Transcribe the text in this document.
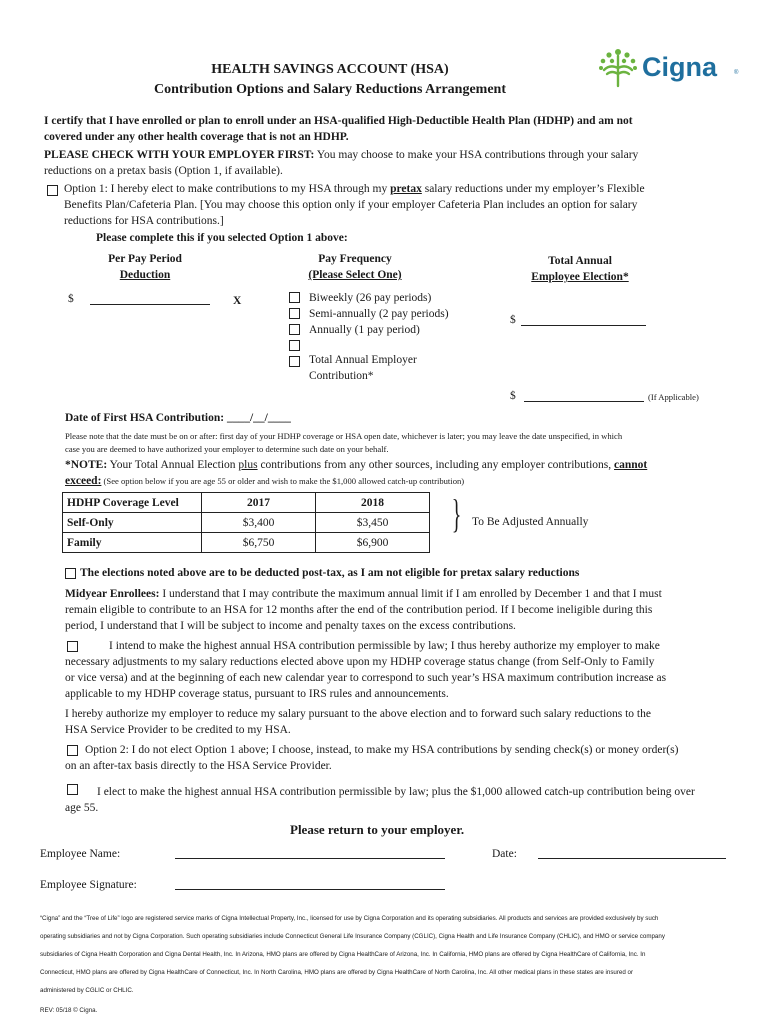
HEALTH SAVINGS ACCOUNT (HSA)
Contribution Options and Salary Reductions Arrangement
Cigna	®
I certify that I have enrolled or plan to enroll under an HSA-qualified High-Deductible Health Plan (HDHP) and am not
covered under any other health coverage that is not an HDHP.
PLEASE CHECK WITH YOUR EMPLOYER FIRST: You may choose to make your HSA contributions through your salary
reductions on a pretax basis (Option 1, if available).
Option 1: I hereby elect to make contributions to my HSA through my pretax salary reductions under my employer’s Flexible
Benefits Plan/Cafeteria Plan. [You may choose this option only if your employer Cafeteria Plan includes an option for salary
reductions for HSA contributions.]
Please complete this if you selected Option 1 above:
Per Pay Period
Deduction
Pay Frequency
(Please Select One)
Total Annual
Employee Election*
$	X	Biweekly (26 pay periods)
Semi-annually (2 pay periods)
Annually (1 pay period)
Total Annual Employer
Contribution*
$
$	(If Applicable)
Date of First HSA Contribution: ____/__/____
Please note that the date must be on or after: first day of your HDHP coverage or HSA open date, whichever is later; you may leave the date unspecified, in which
case you are deemed to have authorized your employer to determine such date on your behalf.
*NOTE: Your Total Annual Election plus contributions from any other sources, including any employer contributions, cannot
exceed: (See option below if you are age 55 or older and wish to make the $1,000 allowed catch-up contribution)
HDHP Coverage Level	2017	2018
Self-Only	$3,400	$3,450
Family	$6,750	$6,900
} To Be Adjusted Annually
The elections noted above are to be deducted post-tax, as I am not eligible for pretax salary reductions
Midyear Enrollees: I understand that I may contribute the maximum annual limit if I am enrolled by December 1 and that I must
remain eligible to contribute to an HSA for 12 months after the end of the contribution period. If I become ineligible during this
period, I understand that I will be subject to income and penalty taxes on the excess contributions.
I intend to make the highest annual HSA contribution permissible by law; I thus hereby authorize my employer to make
necessary adjustments to my salary reductions elected above upon my HDHP coverage status change (from Self-Only to Family
or vice versa) and at the beginning of each new calendar year to correspond to such year’s HSA maximum contribution increase as
applicable to my HDHP coverage status, pursuant to IRS rules and announcements.
I hereby authorize my employer to reduce my salary pursuant to the above election and to forward such salary reductions to the
HSA Service Provider to be credited to my HSA.
Option 2: I do not elect Option 1 above; I choose, instead, to make my HSA contributions by sending check(s) or money order(s)
on an after-tax basis directly to the HSA Service Provider.
I elect to make the highest annual HSA contribution permissible by law; plus the $1,000 allowed catch-up contribution being over
age 55.
Please return to your employer.
Employee Name:	Date:
Employee Signature:
“Cigna” and the “Tree of Life” logo are registered service marks of Cigna Intellectual Property, Inc., licensed for use by Cigna Corporation and its operating subsidiaries. All products and services are provided exclusively by such
operating subsidiaries and not by Cigna Corporation. Such operating subsidiaries include Connecticut General Life Insurance Company (CGLIC), Cigna Health and Life Insurance Company (CHLIC), and HMO or service company
subsidiaries of Cigna Health Corporation and Cigna Dental Health, Inc. In Arizona, HMO plans are offered by Cigna HealthCare of Arizona, Inc. In California, HMO plans are offered by Cigna HealthCare of California, Inc. In
Connecticut, HMO plans are offered by Cigna HealthCare of Connecticut, Inc. In North Carolina, HMO plans are offered by Cigna HealthCare of North Carolina, Inc. All other medical plans in these states are insured or
administered by CGLIC or CHLIC.
REV: 05/18 © Cigna.
